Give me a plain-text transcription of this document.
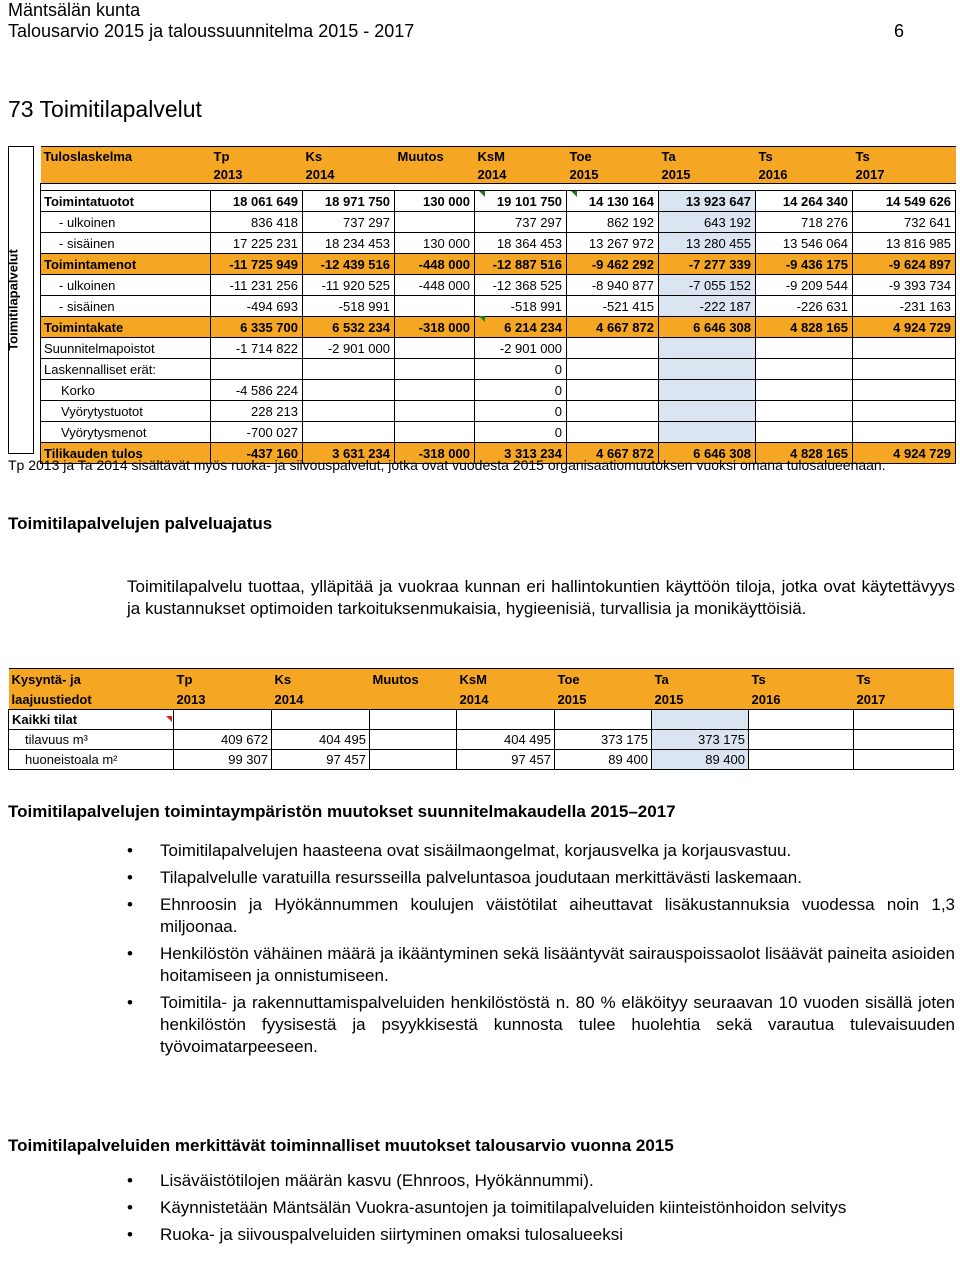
Mäntsälän kunta
Talousarvio 2015 ja taloussuunnitelma 2015 - 2017	6
73 Toimitilapalvelut
Toimitilapalvelut
Tuloslaskelma	Tp	Ks	Muutos	KsM	Toe	Ta	Ts	Ts
	2013	2014		2014	2015	2015	2016	2017

Toimintatuotot	18 061 649	18 971 750	130 000	19 101 750	14 130 164	13 923 647	14 264 340	14 549 626
- ulkoinen	836 418	737 297		737 297	862 192	643 192	718 276	732 641
- sisäinen	17 225 231	18 234 453	130 000	18 364 453	13 267 972	13 280 455	13 546 064	13 816 985
Toimintamenot	-11 725 949	-12 439 516	-448 000	-12 887 516	-9 462 292	-7 277 339	-9 436 175	-9 624 897
- ulkoinen	-11 231 256	-11 920 525	-448 000	-12 368 525	-8 940 877	-7 055 152	-9 209 544	-9 393 734
- sisäinen	-494 693	-518 991		-518 991	-521 415	-222 187	-226 631	-231 163
Toimintakate	6 335 700	6 532 234	-318 000	6 214 234	4 667 872	6 646 308	4 828 165	4 924 729
Suunnitelmapoistot	-1 714 822	-2 901 000		-2 901 000				
Laskennalliset erät:				0				
Korko	-4 586 224			0				
Vyörytystuotot	228 213			0				
Vyörytysmenot	-700 027			0				
Tilikauden tulos	-437 160	3 631 234	-318 000	3 313 234	4 667 872	6 646 308	4 828 165	4 924 729
Tp 2013 ja Ta 2014 sisältävät myös ruoka- ja siivouspalvelut, jotka ovat vuodesta 2015 organisaatiomuutoksen vuoksi omana tulosalueenaan.
Toimitilapalvelujen palveluajatus
Toimitilapalvelu tuottaa, ylläpitää ja vuokraa kunnan eri hallintokuntien käyttöön tiloja, jotka ovat käytettävyys ja kustannukset optimoiden tarkoituksenmukaisia, hygieenisiä, turvallisia ja monikäyttöisiä.
Kysyntä- ja	Tp	Ks	Muutos	KsM	Toe	Ta	Ts	Ts
laajuustiedot	2013	2014		2014	2015	2015	2016	2017
Kaikki tilat								
tilavuus m³	409 672	404 495		404 495	373 175	373 175		
huoneistoala m²	99 307	97 457		97 457	89 400	89 400		
Toimitilapalvelujen toimintaympäristön muutokset suunnitelmakaudella 2015–2017
• Toimitilapalvelujen haasteena ovat sisäilmaongelmat, korjausvelka ja korjausvastuu.
• Tilapalvelulle varatuilla resursseilla palveluntasoa joudutaan merkittävästi laskemaan.
• Ehnroosin ja Hyökännummen koulujen väistötilat aiheuttavat lisäkustannuksia vuodessa noin 1,3 miljoonaa.
• Henkilöstön vähäinen määrä ja ikääntyminen sekä lisääntyvät sairauspoissaolot lisäävät paineita asioiden hoitamiseen ja onnistumiseen.
• Toimitila- ja rakennuttamispalveluiden henkilöstöstä n. 80 % eläköityy seuraavan 10 vuoden sisällä joten henkilöstön fyysisestä ja psyykkisestä kunnosta tulee huolehtia sekä varautua tulevaisuuden työvoimatarpeeseen.
Toimitilapalveluiden merkittävät toiminnalliset muutokset talousarvio vuonna 2015
• Lisäväistötilojen määrän kasvu (Ehnroos, Hyökännummi).
• Käynnistetään Mäntsälän Vuokra-asuntojen ja toimitilapalveluiden kiinteistönhoidon selvitys
• Ruoka- ja siivouspalveluiden siirtyminen omaksi tulosalueeksi
